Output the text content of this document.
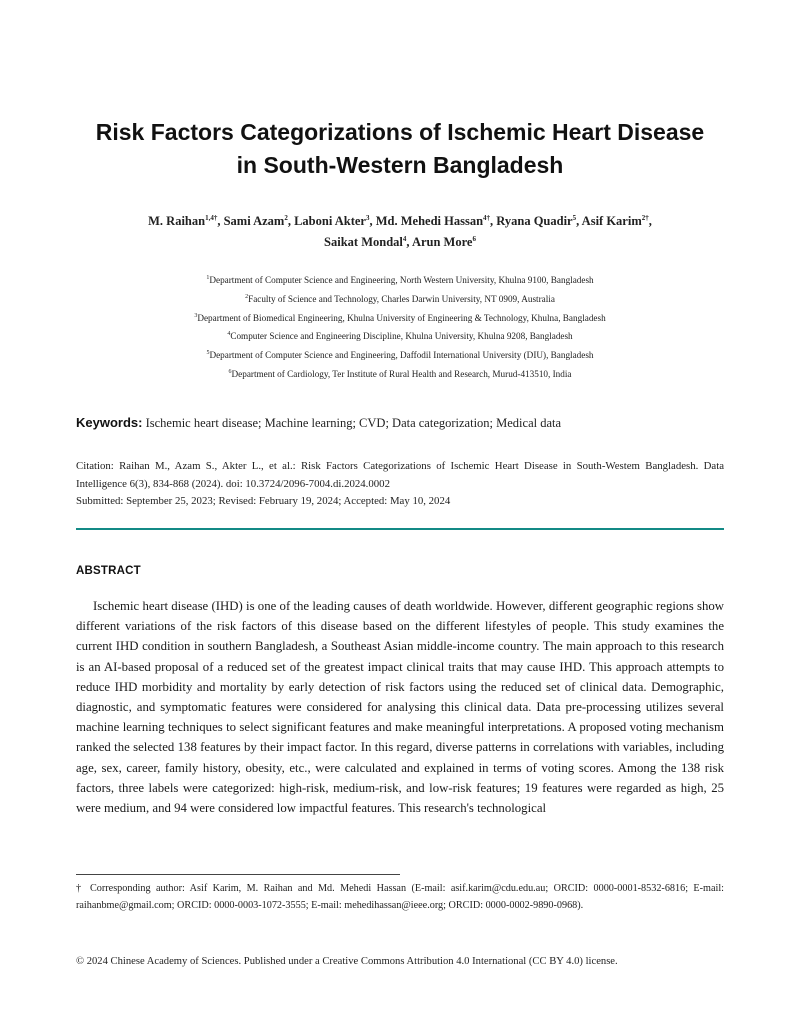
Risk Factors Categorizations of Ischemic Heart Disease
in South-Western Bangladesh
M. Raihan$^{1,4\dagger}$, Sami Azam$^2$, Laboni Akter$^3$, Md. Mehedi Hassan$^{4\dagger}$, Ryana Quadir$^5$, Asif Karim$^{2\dagger}$,
Saikat Mondal$^4$, Arun More$^6$
$^1$Department of Computer Science and Engineering, North Western University, Khulna 9100, Bangladesh
$^2$Faculty of Science and Technology, Charles Darwin University, NT 0909, Australia
$^3$Department of Biomedical Engineering, Khulna University of Engineering & Technology, Khulna, Bangladesh
$^4$Computer Science and Engineering Discipline, Khulna University, Khulna 9208, Bangladesh
$^5$Department of Computer Science and Engineering, Daffodil International University (DIU), Bangladesh
$^6$Department of Cardiology, Ter Institute of Rural Health and Research, Murud-413510, India
Keywords: Ischemic heart disease; Machine learning; CVD; Data categorization; Medical data
Citation: Raihan M., Azam S., Akter L., et al.: Risk Factors Categorizations of Ischemic Heart Disease in South-Westem Bangladesh. Data Intelligence 6(3), 834-868 (2024). doi: 10.3724/2096-7004.di.2024.0002
Submitted: September 25, 2023; Revised: February 19, 2024; Accepted: May 10, 2024
ABSTRACT
Ischemic heart disease (IHD) is one of the leading causes of death worldwide. However, different geographic regions show different variations of the risk factors of this disease based on the different lifestyles of people. This study examines the current IHD condition in southern Bangladesh, a Southeast Asian middle-income country. The main approach to this research is an AI-based proposal of a reduced set of the greatest impact clinical traits that may cause IHD. This approach attempts to reduce IHD morbidity and mortality by early detection of risk factors using the reduced set of clinical data. Demographic, diagnostic, and symptomatic features were considered for analysing this clinical data. Data pre-processing utilizes several machine learning techniques to select significant features and make meaningful interpretations. A proposed voting mechanism ranked the selected 138 features by their impact factor. In this regard, diverse patterns in correlations with variables, including age, sex, career, family history, obesity, etc., were calculated and explained in terms of voting scores. Among the 138 risk factors, three labels were categorized: high-risk, medium-risk, and low-risk features; 19 features were regarded as high, 25 were medium, and 94 were considered low impactful features. This research's technological
† Corresponding author: Asif Karim, M. Raihan and Md. Mehedi Hassan (E-mail: asif.karim@cdu.edu.au; ORCID: 0000-0001-8532-6816; E-mail: raihanbme@gmail.com; ORCID: 0000-0003-1072-3555; E-mail: mehedihassan@ieee.org; ORCID: 0000-0002-9890-0968).
© 2024 Chinese Academy of Sciences. Published under a Creative Commons Attribution 4.0 International (CC BY 4.0) license.
